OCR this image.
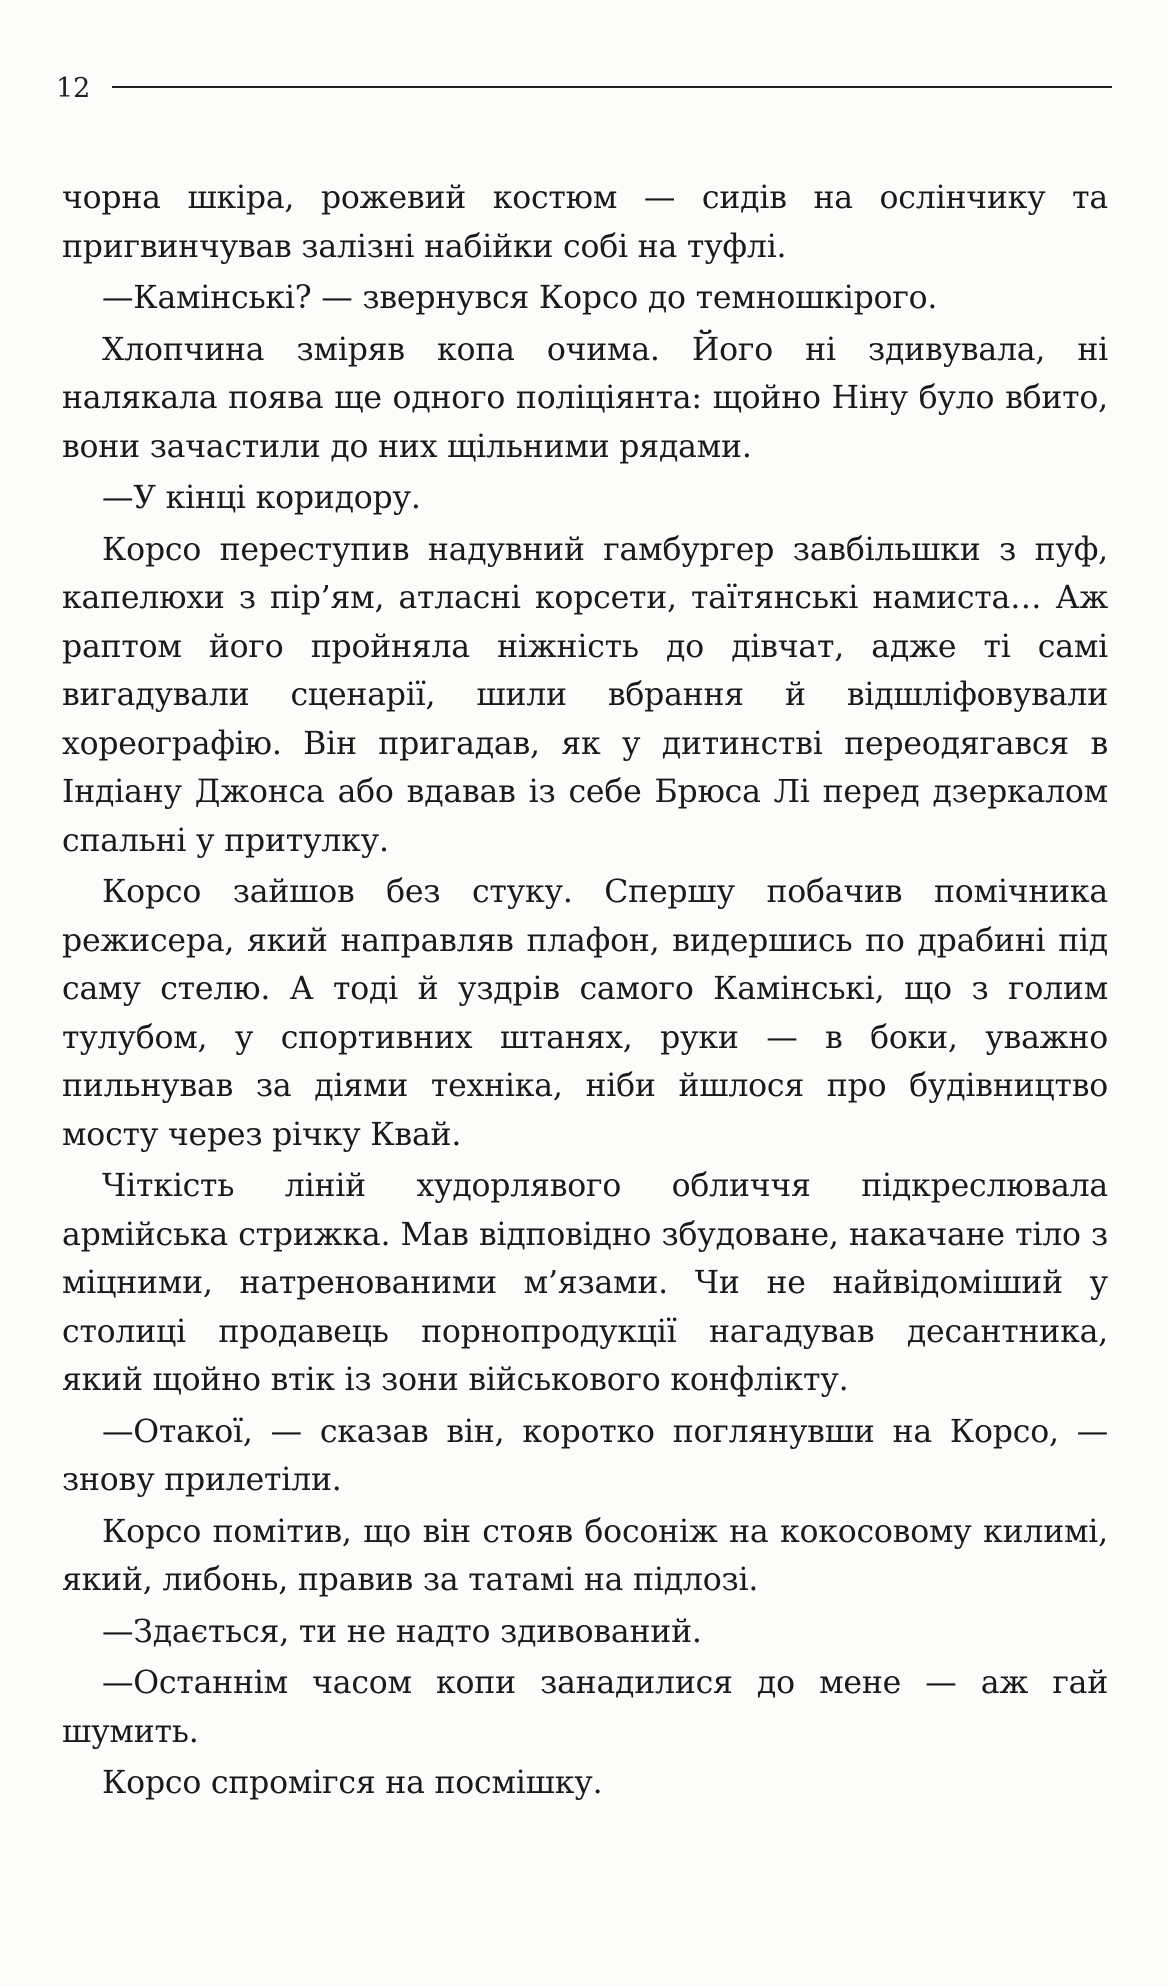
12

чорна шкіра, рожевий костюм — сидів на ослінчику та пригвинчував залізні набійки собі на туфлі.

—Камінські? — звернувся Корсо до темношкірого.

Хлопчина зміряв копа очима. Його ні здивувала, ні налякала поява ще одного поліціянта: щойно Ніну було вбито, вони зачастили до них щільними рядами.

—У кінці коридору.

Корсо переступив надувний гамбургер завбільшки з пуф, капелюхи з пір’ям, атласні корсети, таїтянські намиста… Аж раптом його пройняла ніжність до дівчат, адже ті самі вигадували сценарії, шили вбрання й відшліфовували хореографію. Він пригадав, як у дитинстві переодягався в Індіану Джонса або вдавав із себе Брюса Лі перед дзеркалом спальні у притулку.

Корсо зайшов без стуку. Спершу побачив помічника режисера, який направляв плафон, видершись по драбині під саму стелю. А тоді й уздрів самого Камінські, що з голим тулубом, у спортивних штанях, руки — в боки, уважно пильнував за діями техніка, ніби йшлося про будівництво мосту через річку Квай.

Чіткість ліній худорлявого обличчя підкреслювала армійська стрижка. Мав відповідно збудоване, накачане тіло з міцними, натренованими м’язами. Чи не найвідоміший у столиці продавець порнопродукції нагадував десантника, який щойно втік із зони військового конфлікту.

—Отакої, — сказав він, коротко поглянувши на Корсо, — знову прилетіли.

Корсо помітив, що він стояв босоніж на кокосовому килимі, який, либонь, правив за татамі на підлозі.

—Здається, ти не надто здивований.

—Останнім часом копи занадилися до мене — аж гай шумить.

Корсо спромігся на посмішку.
